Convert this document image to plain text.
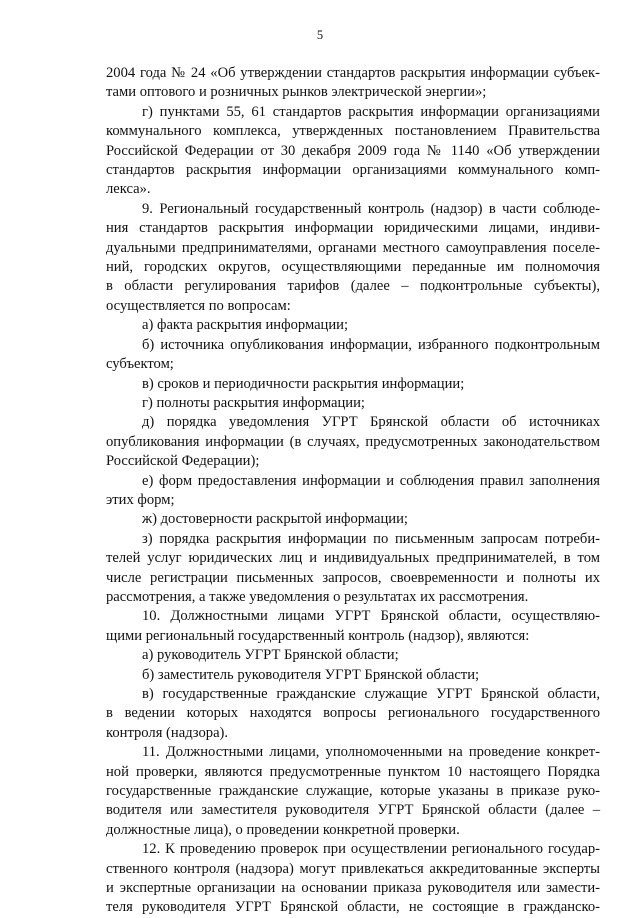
5
2004 года № 24 «Об утверждении стандартов раскрытия информации субъек-
тами оптового и розничных рынков электрической энергии»;
г) пунктами 55, 61 стандартов раскрытия информации организациями
коммунального комплекса, утвержденных постановлением Правительства
Российской Федерации от 30 декабря 2009 года № 1140 «Об утверждении
стандартов раскрытия информации организациями коммунального комп-
лекса».
9. Региональный государственный контроль (надзор) в части соблюде-
ния стандартов раскрытия информации юридическими лицами, индиви-
дуальными предпринимателями, органами местного самоуправления поселе-
ний, городских округов, осуществляющими переданные им полномочия
в области регулирования тарифов (далее – подконтрольные субъекты),
осуществляется по вопросам:
а) факта раскрытия информации;
б) источника опубликования информации, избранного подконтрольным
субъектом;
в) сроков и периодичности раскрытия информации;
г) полноты раскрытия информации;
д) порядка уведомления УГРТ Брянской области об источниках
опубликования информации (в случаях, предусмотренных законодательством
Российской Федерации);
е) форм предоставления информации и соблюдения правил заполнения
этих форм;
ж) достоверности раскрытой информации;
з) порядка раскрытия информации по письменным запросам потреби-
телей услуг юридических лиц и индивидуальных предпринимателей, в том
числе регистрации письменных запросов, своевременности и полноты их
рассмотрения, а также уведомления о результатах их рассмотрения.
10. Должностными лицами УГРТ Брянской области, осуществляю-
щими региональный государственный контроль (надзор), являются:
а) руководитель УГРТ Брянской области;
б) заместитель руководителя УГРТ Брянской области;
в) государственные гражданские служащие УГРТ Брянской области,
в ведении которых находятся вопросы регионального государственного
контроля (надзора).
11. Должностными лицами, уполномоченными на проведение конкрет-
ной проверки, являются предусмотренные пунктом 10 настоящего Порядка
государственные гражданские служащие, которые указаны в приказе руко-
водителя или заместителя руководителя УГРТ Брянской области (далее –
должностные лица), о проведении конкретной проверки.
12. К проведению проверок при осуществлении регионального государ-
ственного контроля (надзора) могут привлекаться аккредитованные эксперты
и экспертные организации на основании приказа руководителя или замести-
теля руководителя УГРТ Брянской области, не состоящие в гражданско-
